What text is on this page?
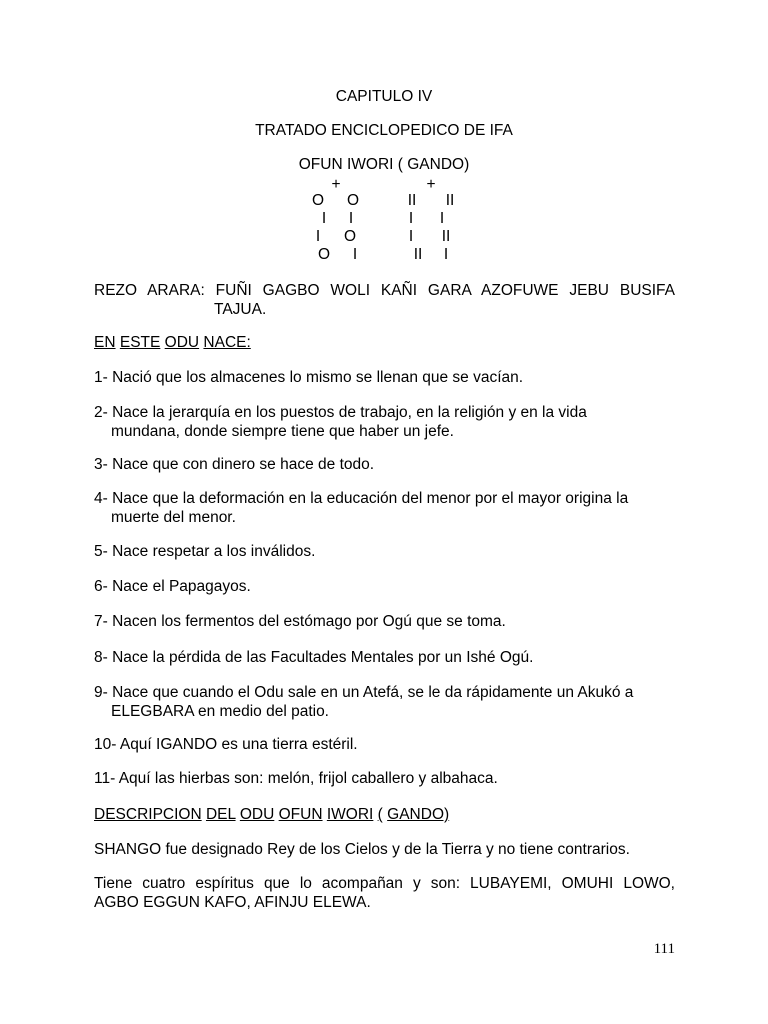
CAPITULO IV
TRATADO ENCICLOPEDICO DE IFA
OFUN IWORI ( GANDO)
+	+
O O	II	II
I	I	I	I
I	O	I	II
O	I	II	I
REZO ARARA: FUÑI GAGBO WOLI KAÑI GARA AZOFUWE JEBU BUSIFA
TAJUA.
EN ESTE ODU NACE:
1- Nació que los almacenes lo mismo se llenan que se vacían.
2- Nace la jerarquía en los puestos de trabajo, en la religión y en la vida
mundana, donde siempre tiene que haber un jefe.
3- Nace que con dinero se hace de todo.
4- Nace que la deformación en la educación del menor por el mayor origina la
muerte del menor.
5- Nace respetar a los inválidos.
6- Nace el Papagayos.
7- Nacen los fermentos del estómago por Ogú que se toma.
8- Nace la pérdida de las Facultades Mentales por un Ishé Ogú.
9- Nace que cuando el Odu sale en un Atefá, se le da rápidamente un Akukó a
ELEGBARA en medio del patio.
10- Aquí IGANDO es una tierra estéril.
11- Aquí las hierbas son: melón, frijol caballero y albahaca.
DESCRIPCION DEL ODU OFUN IWORI ( GANDO)
SHANGO fue designado Rey de los Cielos y de la Tierra y no tiene contrarios.
Tiene cuatro espíritus que lo acompañan y son: LUBAYEMI, OMUHI LOWO,
AGBO EGGUN KAFO, AFINJU ELEWA.
111
